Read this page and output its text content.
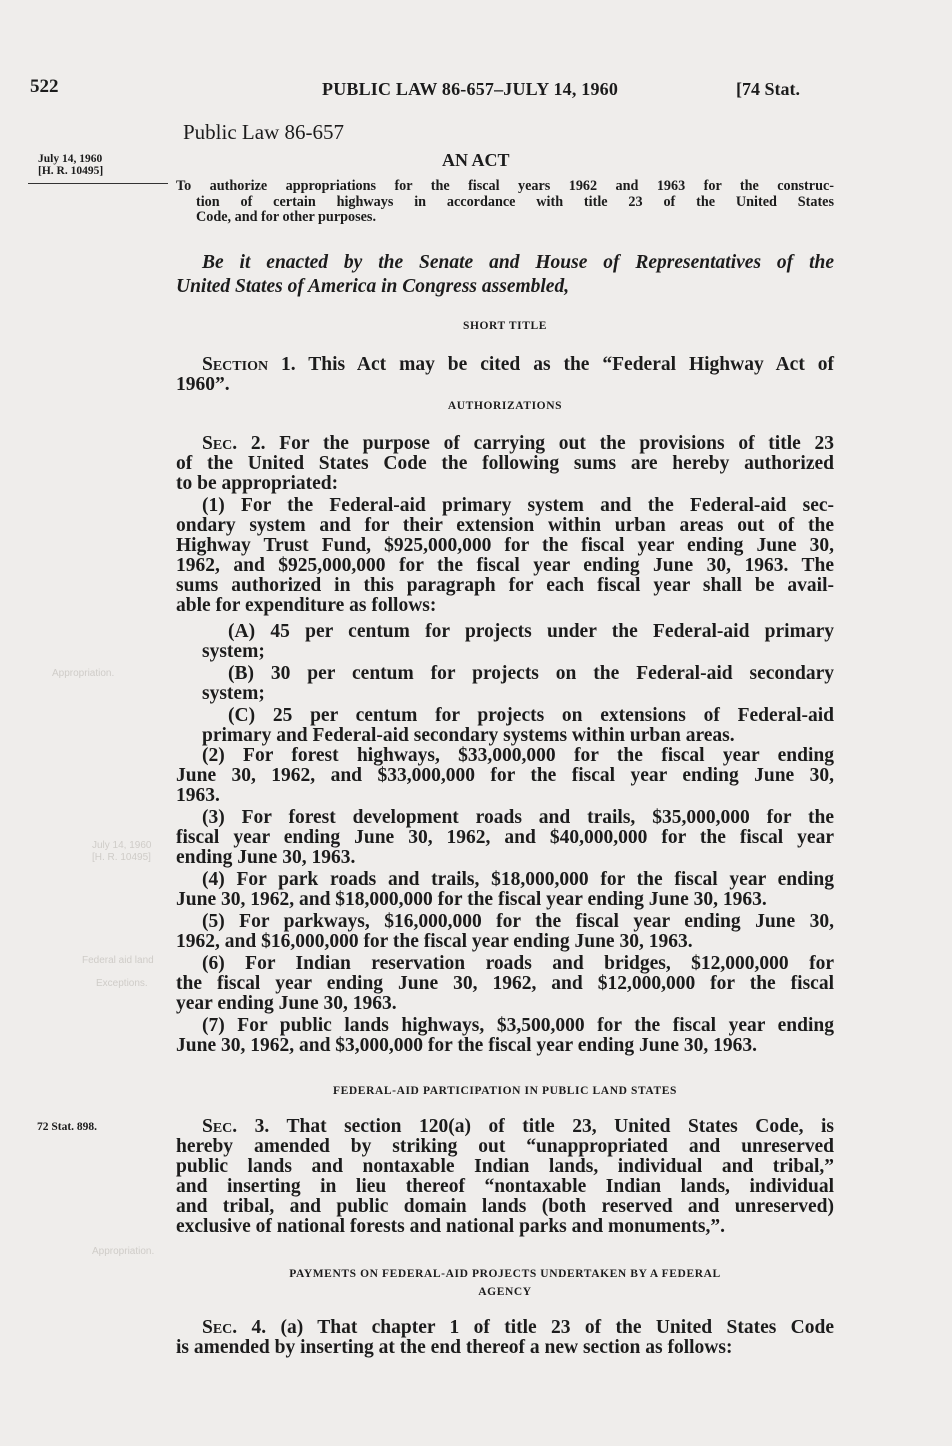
522	PUBLIC LAW 86-657–JULY 14, 1960	[74 Stat.
July 14, 1960
[H. R. 10495]
72 Stat. 898.
Appropriation.
July 14, 1960
[H. R. 10495]
Federal aid land
Exceptions.
Appropriation.
Public Law 86-657
AN ACT
To authorize appropriations for the fiscal years 1962 and 1963 for the construc-
tion of certain highways in accordance with title 23 of the United States
Code, and for other purposes.
Be it enacted by the Senate and House of Representatives of the
United States of America in Congress assembled,
SHORT TITLE
Section 1. This Act may be cited as the “Federal Highway Act of
1960”.
AUTHORIZATIONS
Sec. 2. For the purpose of carrying out the provisions of title 23
of the United States Code the following sums are hereby authorized
to be appropriated:
(1) For the Federal-aid primary system and the Federal-aid sec-
ondary system and for their extension within urban areas out of the
Highway Trust Fund, $925,000,000 for the fiscal year ending June 30,
1962, and $925,000,000 for the fiscal year ending June 30, 1963. The
sums authorized in this paragraph for each fiscal year shall be avail-
able for expenditure as follows:
(A) 45 per centum for projects under the Federal-aid primary
system;
(B) 30 per centum for projects on the Federal-aid secondary
system;
(C) 25 per centum for projects on extensions of Federal-aid
primary and Federal-aid secondary systems within urban areas.
(2) For forest highways, $33,000,000 for the fiscal year ending
June 30, 1962, and $33,000,000 for the fiscal year ending June 30,
1963.
(3) For forest development roads and trails, $35,000,000 for the
fiscal year ending June 30, 1962, and $40,000,000 for the fiscal year
ending June 30, 1963.
(4) For park roads and trails, $18,000,000 for the fiscal year ending
June 30, 1962, and $18,000,000 for the fiscal year ending June 30, 1963.
(5) For parkways, $16,000,000 for the fiscal year ending June 30,
1962, and $16,000,000 for the fiscal year ending June 30, 1963.
(6) For Indian reservation roads and bridges, $12,000,000 for
the fiscal year ending June 30, 1962, and $12,000,000 for the fiscal
year ending June 30, 1963.
(7) For public lands highways, $3,500,000 for the fiscal year ending
June 30, 1962, and $3,000,000 for the fiscal year ending June 30, 1963.
FEDERAL-AID PARTICIPATION IN PUBLIC LAND STATES
Sec. 3. That section 120(a) of title 23, United States Code, is
hereby amended by striking out “unappropriated and unreserved
public lands and nontaxable Indian lands, individual and tribal,”
and inserting in lieu thereof “nontaxable Indian lands, individual
and tribal, and public domain lands (both reserved and unreserved)
exclusive of national forests and national parks and monuments,”.
PAYMENTS ON FEDERAL-AID PROJECTS UNDERTAKEN BY A FEDERAL
AGENCY
Sec. 4. (a) That chapter 1 of title 23 of the United States Code
is amended by inserting at the end thereof a new section as follows:
